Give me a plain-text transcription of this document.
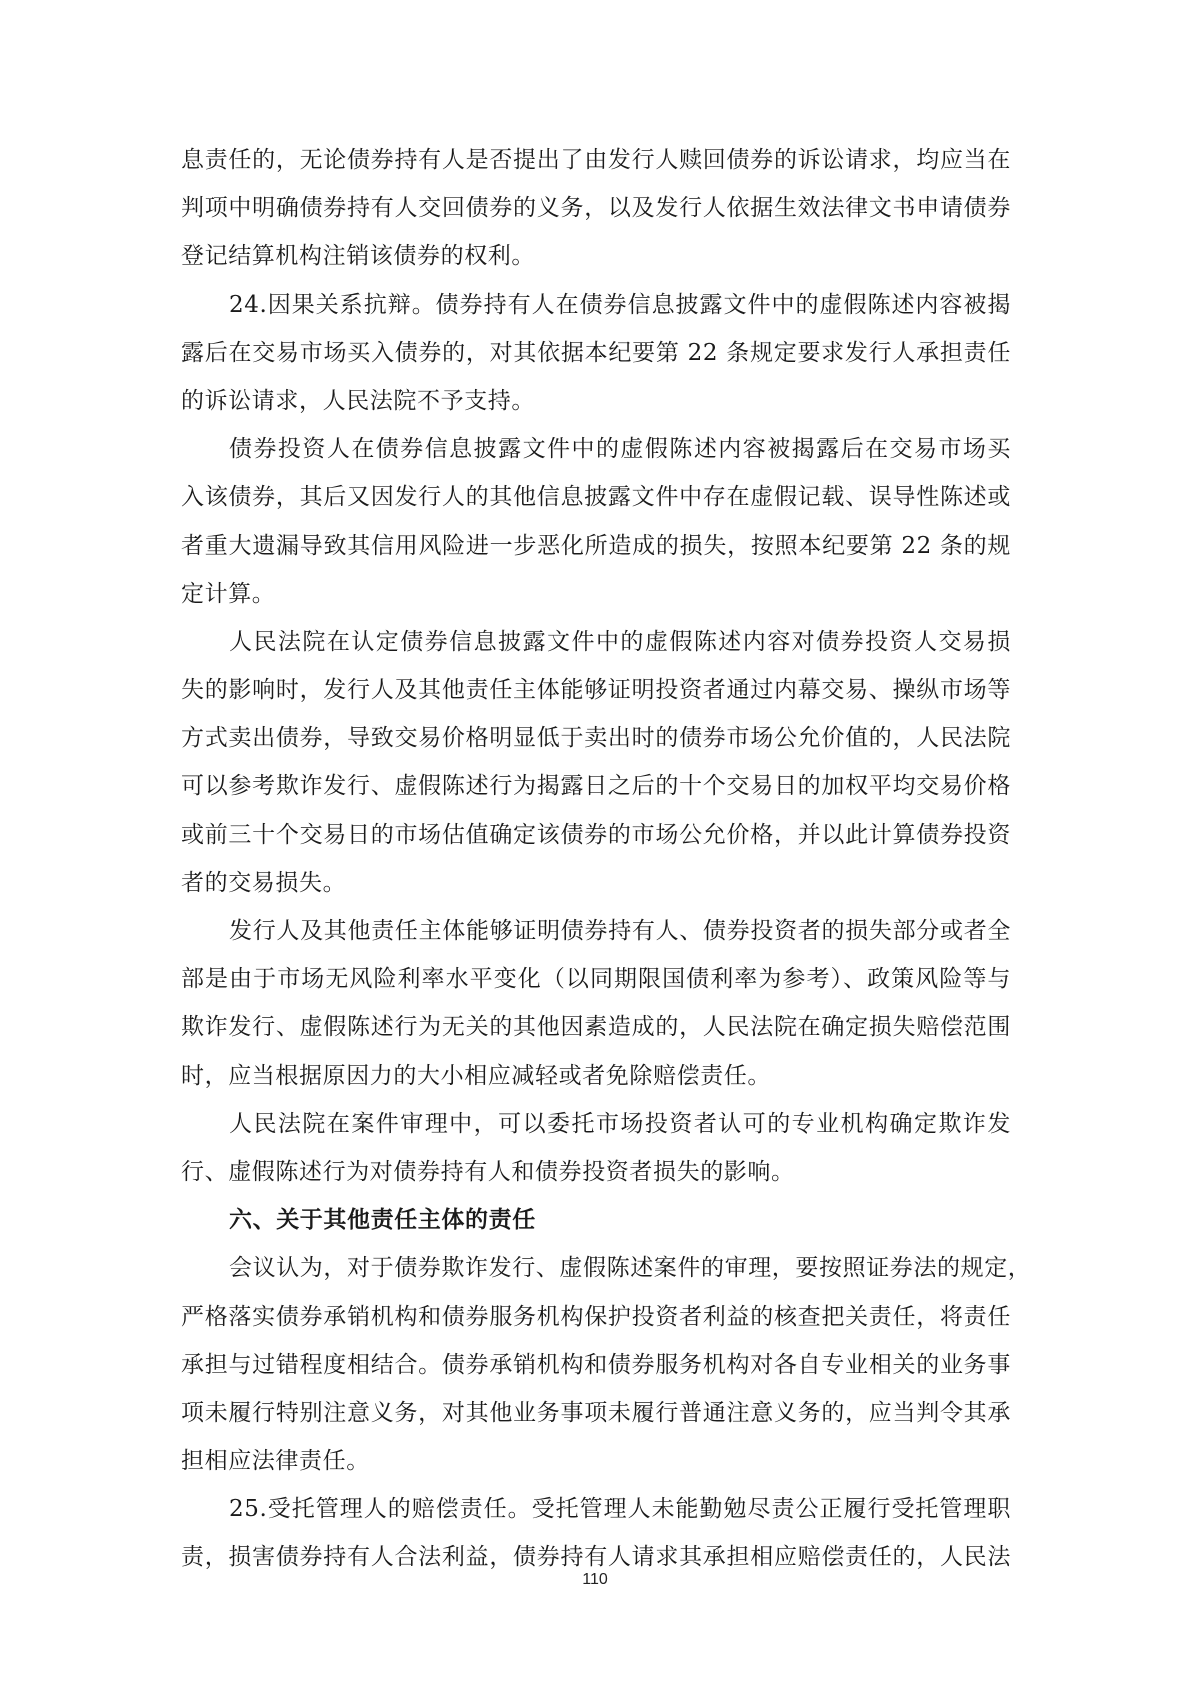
息责任的，无论债券持有人是否提出了由发行人赎回债券的诉讼请求，均应当在
判项中明确债券持有人交回债券的义务，以及发行人依据生效法律文书申请债券
登记结算机构注销该债券的权利。
24.因果关系抗辩。债券持有人在债券信息披露文件中的虚假陈述内容被揭
露后在交易市场买入债券的，对其依据本纪要第 22 条规定要求发行人承担责任
的诉讼请求，人民法院不予支持。
债券投资人在债券信息披露文件中的虚假陈述内容被揭露后在交易市场买
入该债券，其后又因发行人的其他信息披露文件中存在虚假记载、误导性陈述或
者重大遗漏导致其信用风险进一步恶化所造成的损失，按照本纪要第 22 条的规
定计算。
人民法院在认定债券信息披露文件中的虚假陈述内容对债券投资人交易损
失的影响时，发行人及其他责任主体能够证明投资者通过内幕交易、操纵市场等
方式卖出债券，导致交易价格明显低于卖出时的债券市场公允价值的，人民法院
可以参考欺诈发行、虚假陈述行为揭露日之后的十个交易日的加权平均交易价格
或前三十个交易日的市场估值确定该债券的市场公允价格，并以此计算债券投资
者的交易损失。
发行人及其他责任主体能够证明债券持有人、债券投资者的损失部分或者全
部是由于市场无风险利率水平变化（以同期限国债利率为参考）、政策风险等与
欺诈发行、虚假陈述行为无关的其他因素造成的，人民法院在确定损失赔偿范围
时，应当根据原因力的大小相应减轻或者免除赔偿责任。
人民法院在案件审理中，可以委托市场投资者认可的专业机构确定欺诈发
行、虚假陈述行为对债券持有人和债券投资者损失的影响。
六、关于其他责任主体的责任
会议认为，对于债券欺诈发行、虚假陈述案件的审理，要按照证券法的规定，
严格落实债券承销机构和债券服务机构保护投资者利益的核查把关责任，将责任
承担与过错程度相结合。债券承销机构和债券服务机构对各自专业相关的业务事
项未履行特别注意义务，对其他业务事项未履行普通注意义务的，应当判令其承
担相应法律责任。
25.受托管理人的赔偿责任。受托管理人未能勤勉尽责公正履行受托管理职
责，损害债券持有人合法利益，债券持有人请求其承担相应赔偿责任的，人民法
110
